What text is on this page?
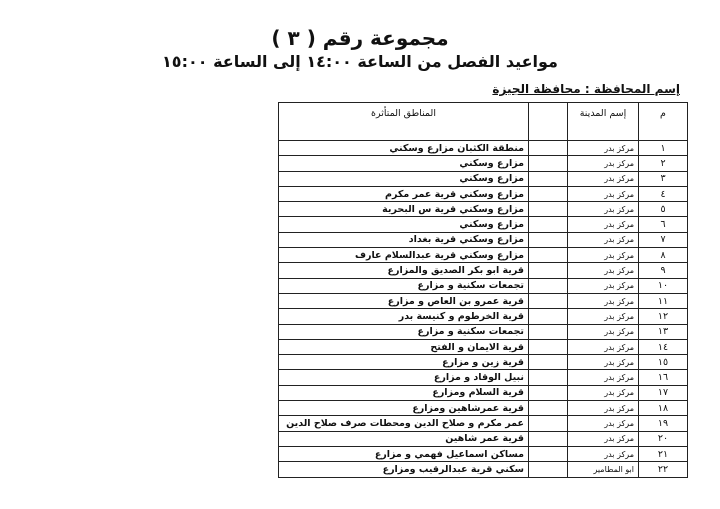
مجموعة رقم ( ٣ )
مواعيد الفصل من الساعة ١٤:٠٠ إلى الساعة ١٥:٠٠
إسم المحافظة : محافظة الجيزة
م	إسم المدينة		المناطق المتأثرة
١	مركز بدر		منطقة الكثبان مزارع وسكني
٢	مركز بدر		مزارع وسكني
٣	مركز بدر		مزارع وسكني
٤	مركز بدر		مزارع وسكني قرية عمر مكرم
٥	مركز بدر		مزارع وسكني قرية س البحرية
٦	مركز بدر		مزارع وسكني
٧	مركز بدر		مزارع وسكني قرية بغداد
٨	مركز بدر		مزارع وسكني قرية عبدالسلام عارف
٩	مركز بدر		قرية ابو بكر الصديق والمزارع
١٠	مركز بدر		تجمعات سكنية و مزارع
١١	مركز بدر		قرية عمرو بن العاص و مزارع
١٢	مركز بدر		قرية الخرطوم و كنيسة بدر
١٣	مركز بدر		تجمعات سكنية و مزارع
١٤	مركز بدر		قرية الايمان و الفتح
١٥	مركز بدر		قرية زين و مزارع
١٦	مركز بدر		نبيل الوقاد و مزارع
١٧	مركز بدر		قرية السلام ومزارع
١٨	مركز بدر		قرية عمرشاهين ومزارع
١٩	مركز بدر		عمر مكرم و صلاح الدين ومحطات صرف صلاح الدين
٢٠	مركز بدر		قرية عمر شاهين
٢١	مركز بدر		مساكن اسماعيل فهمي و مزارع
٢٢	ابو المطامير		سكني قرية عبدالرقيب ومزارع
